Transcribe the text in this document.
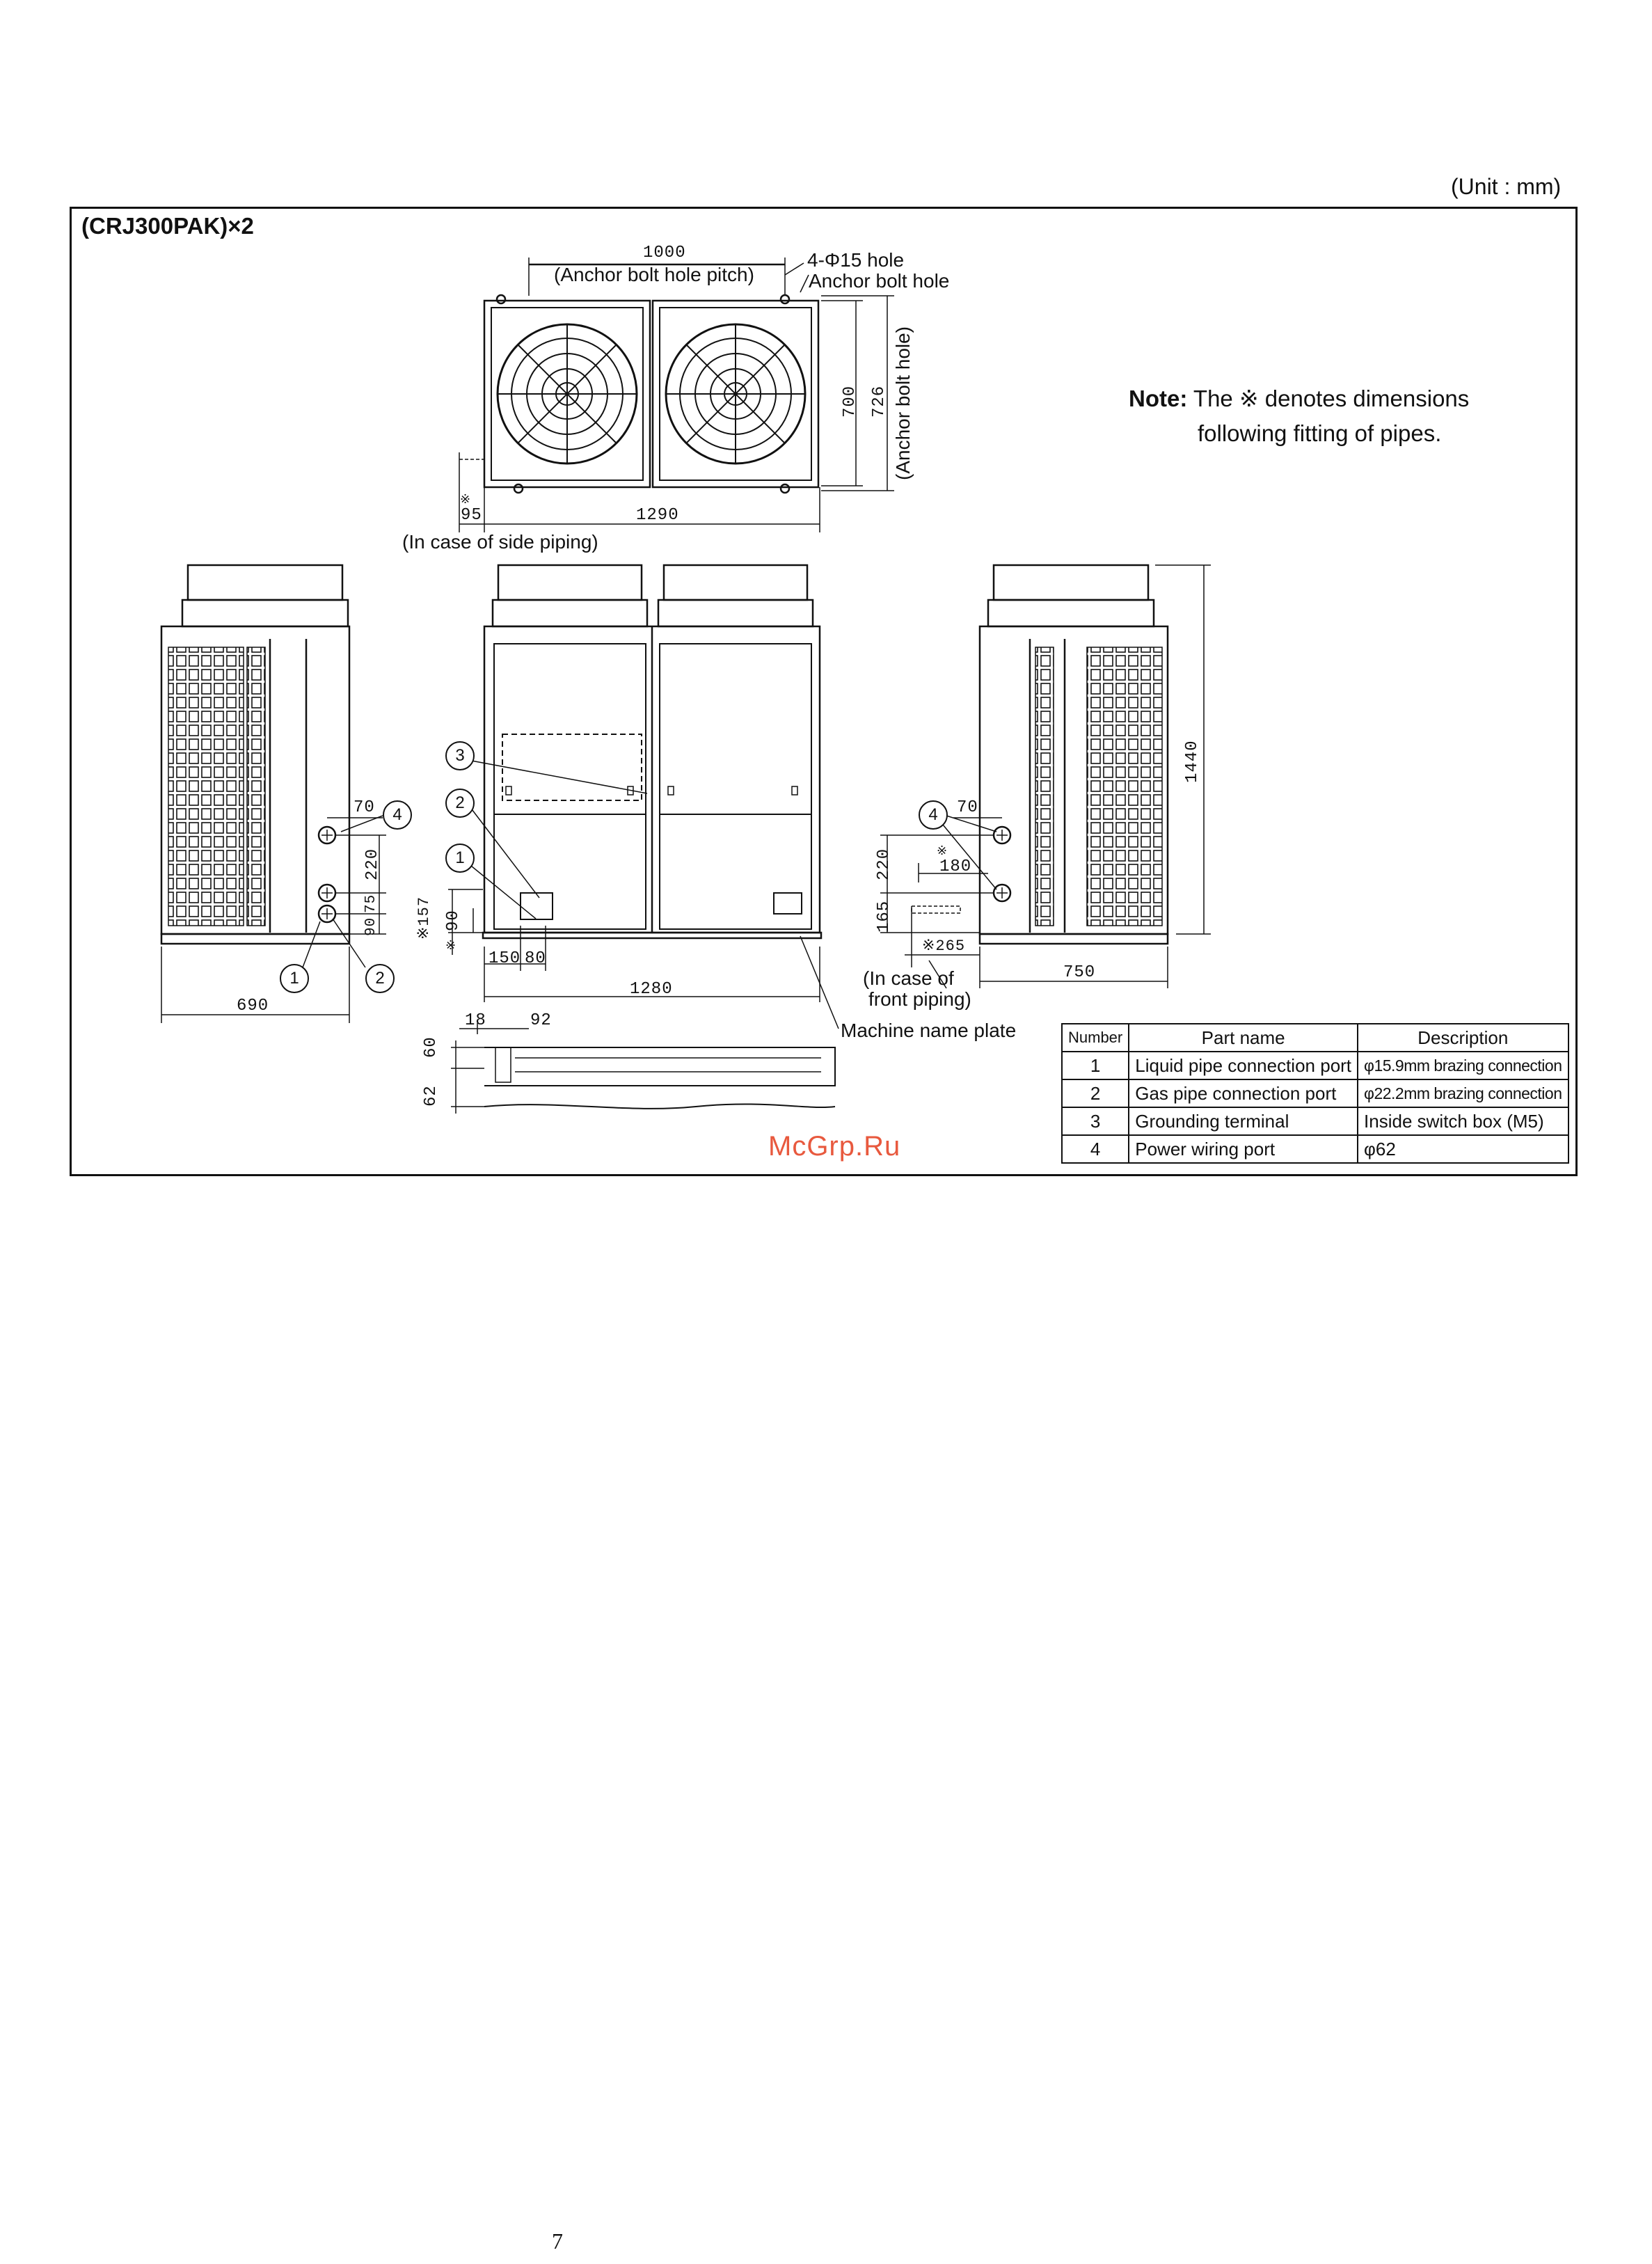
(Unit : mm)
(CRJ300PAK)×2
1000
(Anchor bolt hole pitch)
4-Φ15 hole
Anchor bolt hole
700 726 (Anchor bolt hole)
95	1290
(In case of side piping)
※
Note: The ※ denotes dimensions
following fitting of pipes.
70
220
75
90
690
※157 90
※
150 80
1280
Machine name plate
18	92
60
62
70
220	180
※
165
※265
750
1440
(In case of
front piping)
4
1	2
3
2
1
4
Number	Part name	Description
1	Liquid pipe connection port	φ15.9mm brazing connection
2	Gas pipe connection port	φ22.2mm brazing connection
3	Grounding terminal	Inside switch box (M5)
4	Power wiring port	φ62
McGrp.Ru
7
